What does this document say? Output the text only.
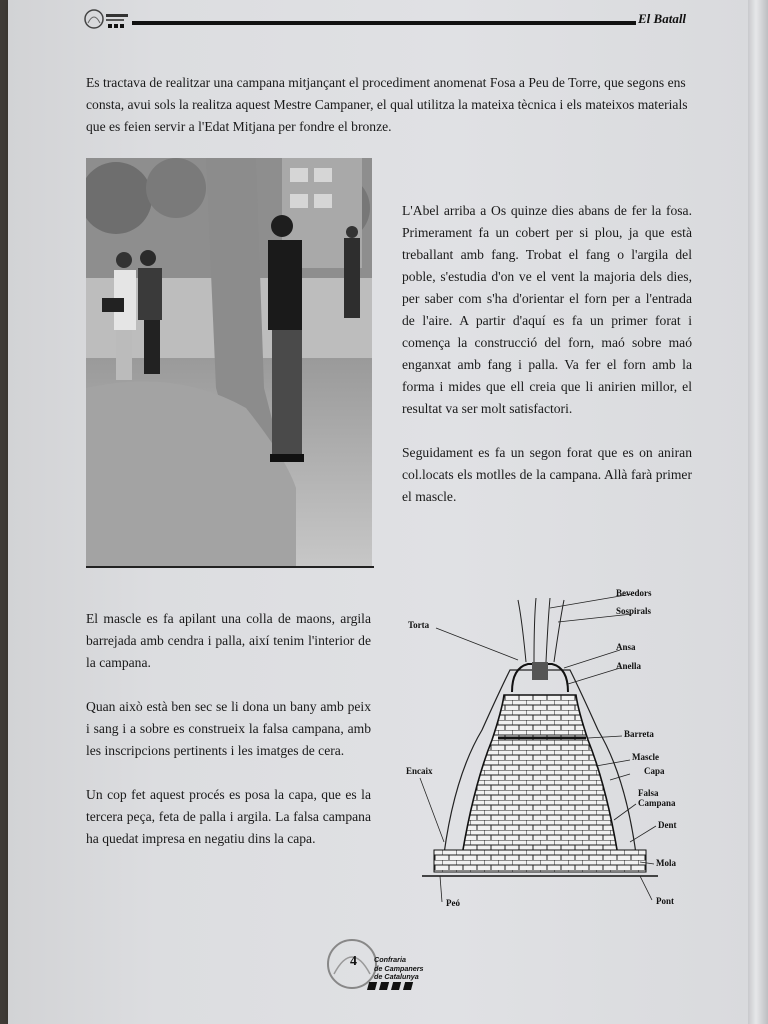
El Batall
Es tractava de realitzar una campana mitjançant el procediment anomenat Fosa a Peu de Torre, que segons ens consta, avui sols la realitza aquest Mestre Campaner, el qual utilitza la mateixa tècnica i els mateixos materials que es feien servir a l'Edat Mitjana per fondre el bronze.

L'Abel arriba a Os quinze dies abans de fer la fosa. Primerament fa un cobert per si plou, ja que està treballant amb fang. Trobat el fang o l'argila del poble, s'estudia d'on ve el vent la majoria dels dies, per saber com s'ha d'orientar el forn per a l'entrada de l'aire. A partir d'aquí es fa un primer forat i comença la construcció del forn, maó sobre maó enganxat amb fang i palla. Va fer el forn amb la forma i mides que ell creia que li anirien millor, el resultat va ser molt satisfactori.

Seguidament es fa un segon forat que es on aniran col.locats els motlles de la campana. Allà farà primer el mascle.

El mascle es fa apilant una colla de maons, argila barrejada amb cendra i palla, així tenim l'interior de la campana.

Quan això està ben sec se li dona un bany amb peix i sang i a sobre es construeix la falsa campana, amb les inscripcions pertinents i les imatges de cera.

Un cop fet aquest procés es posa la capa, que es la tercera peça, feta de palla i argila. La falsa campana ha quedat impresa en negatiu dins la capa.

Bevedors
Sospirals
Torta
Ansa
Anella
Barreta
Mascle
Capa
Encaix
Falsa
Campana
Dent
Mola
Peó	Pont
4 Confraria
de Campaners
de Catalunya
